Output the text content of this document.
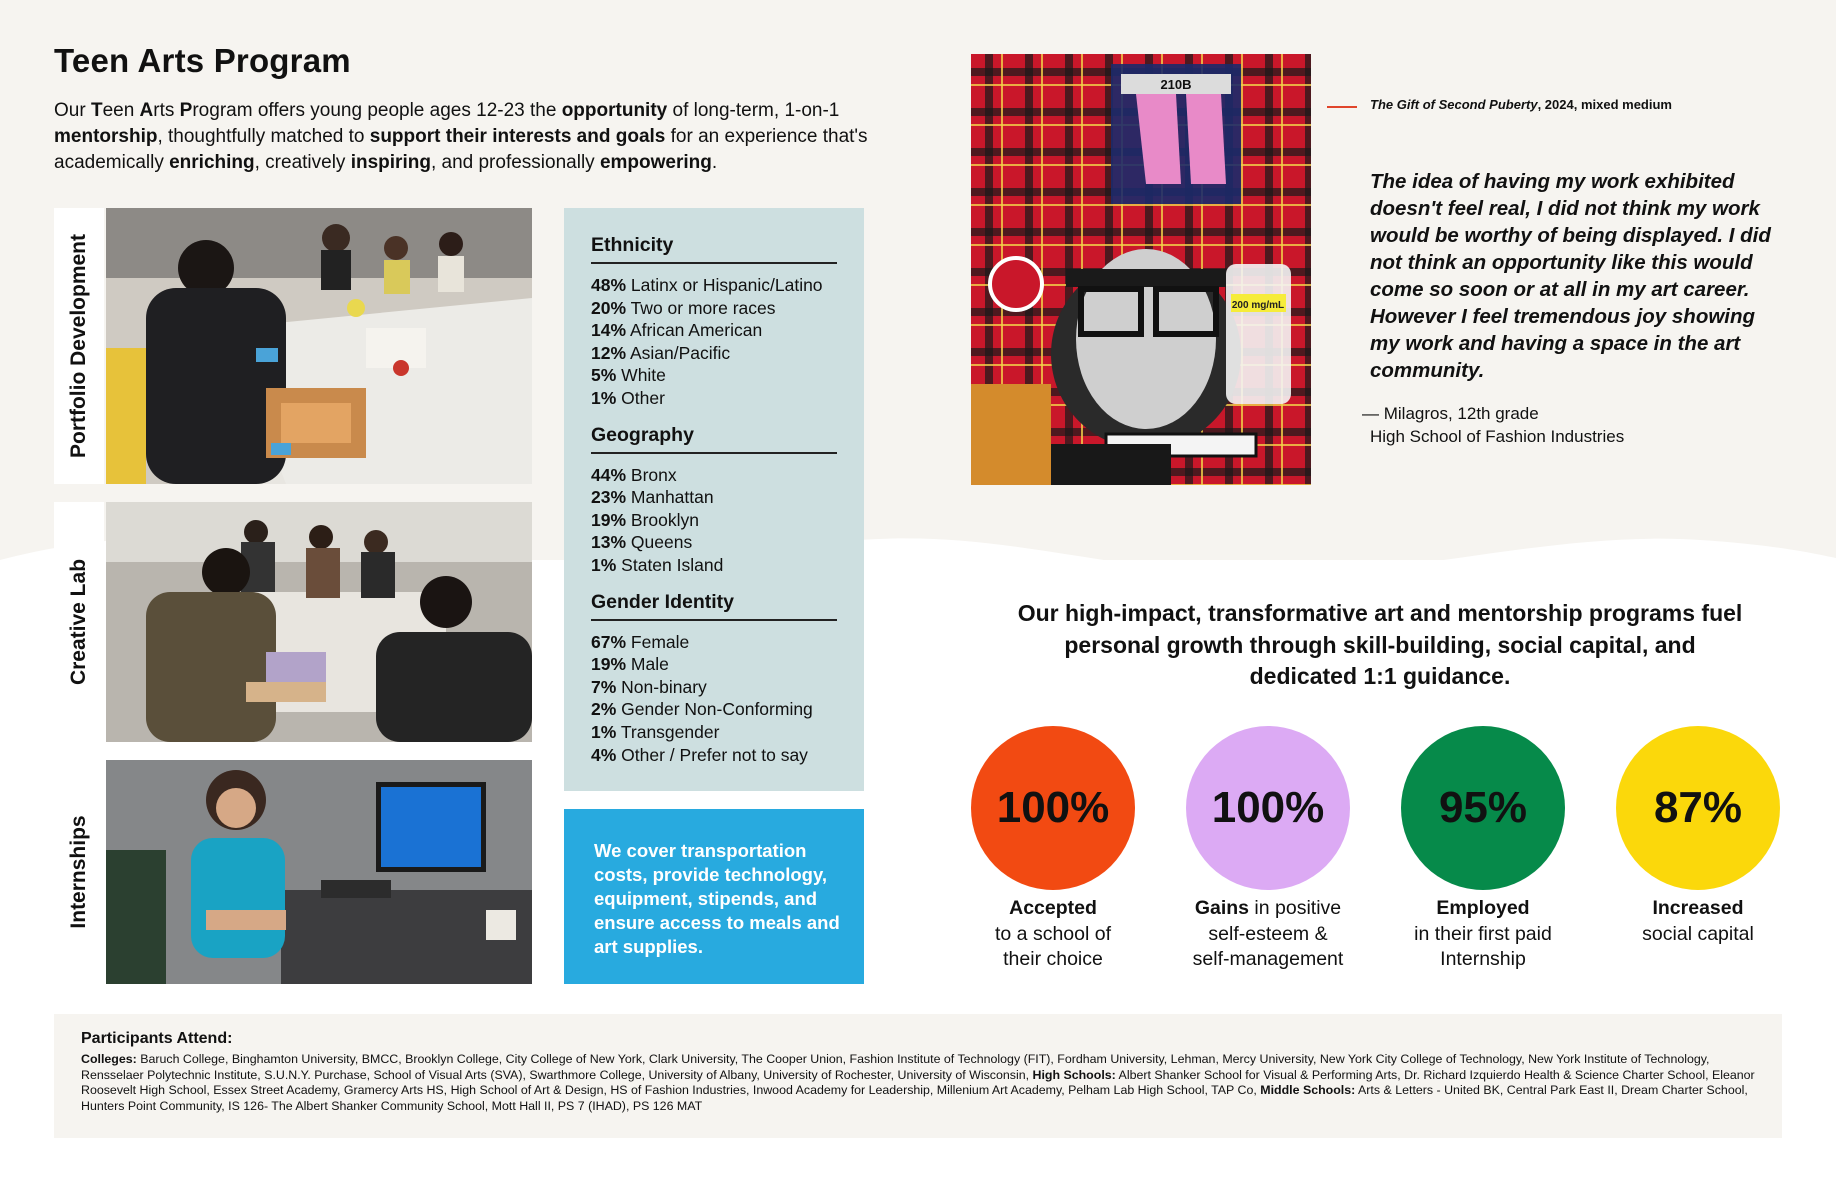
Teen Arts Program

Our Teen Arts Program offers young people ages 12-23 the opportunity of long-term, 1-on-1 mentorship, thoughtfully matched to support their interests and goals for an experience that's academically enriching, creatively inspiring, and professionally empowering.

Portfolio Development
Creative Lab
Internships
Ethnicity
48% Latinx or Hispanic/Latino
20% Two or more races
14% African American
12% Asian/Pacific
5% White
1% Other
Geography
44% Bronx
23% Manhattan
19% Brooklyn
13% Queens
1% Staten Island
Gender Identity
67% Female
19% Male
7% Non-binary
2% Gender Non-Conforming
1% Transgender
4% Other / Prefer not to say
We cover transportation costs, provide technology, equipment, stipends, and ensure access to meals and art supplies.
210B
200 mg/mL
The Gift of Second Puberty, 2024, mixed medium
The idea of having my work exhibited doesn't feel real, I did not think my work would be worthy of being displayed. I did not think an opportunity like this would come so soon or at all in my art career. However I feel tremendous joy showing my work and having a space in the art community.
— Milagros, 12th grade
High School of Fashion Industries
Our high-impact, transformative art and mentorship programs fuel personal growth through skill-building, social capital, and dedicated 1:1 guidance.
100%
Accepted
to a school of
their choice
100%
Gains in positive
self-esteem &
self-management
95%
Employed
in their first paid
Internship
87%
Increased
social capital
Participants Attend:
Colleges: Baruch College, Binghamton University, BMCC, Brooklyn College, City College of New York, Clark University, The Cooper Union, Fashion Institute of Technology (FIT), Fordham University, Lehman, Mercy University, New York City College of Technology, New York Institute of Technology, Rensselaer Polytechnic Institute, S.U.N.Y. Purchase, School of Visual Arts (SVA), Swarthmore College, University of Albany, University of Rochester, University of Wisconsin, High Schools: Albert Shanker School for Visual & Performing Arts, Dr. Richard Izquierdo Health & Science Charter School, Eleanor Roosevelt High School, Essex Street Academy, Gramercy Arts HS, High School of Art & Design, HS of Fashion Industries, Inwood Academy for Leadership, Millenium Art Academy, Pelham Lab High School, TAP Co, Middle Schools: Arts & Letters - United BK, Central Park East II, Dream Charter School, Hunters Point Community, IS 126- The Albert Shanker Community School, Mott Hall II, PS 7 (IHAD), PS 126 MAT
